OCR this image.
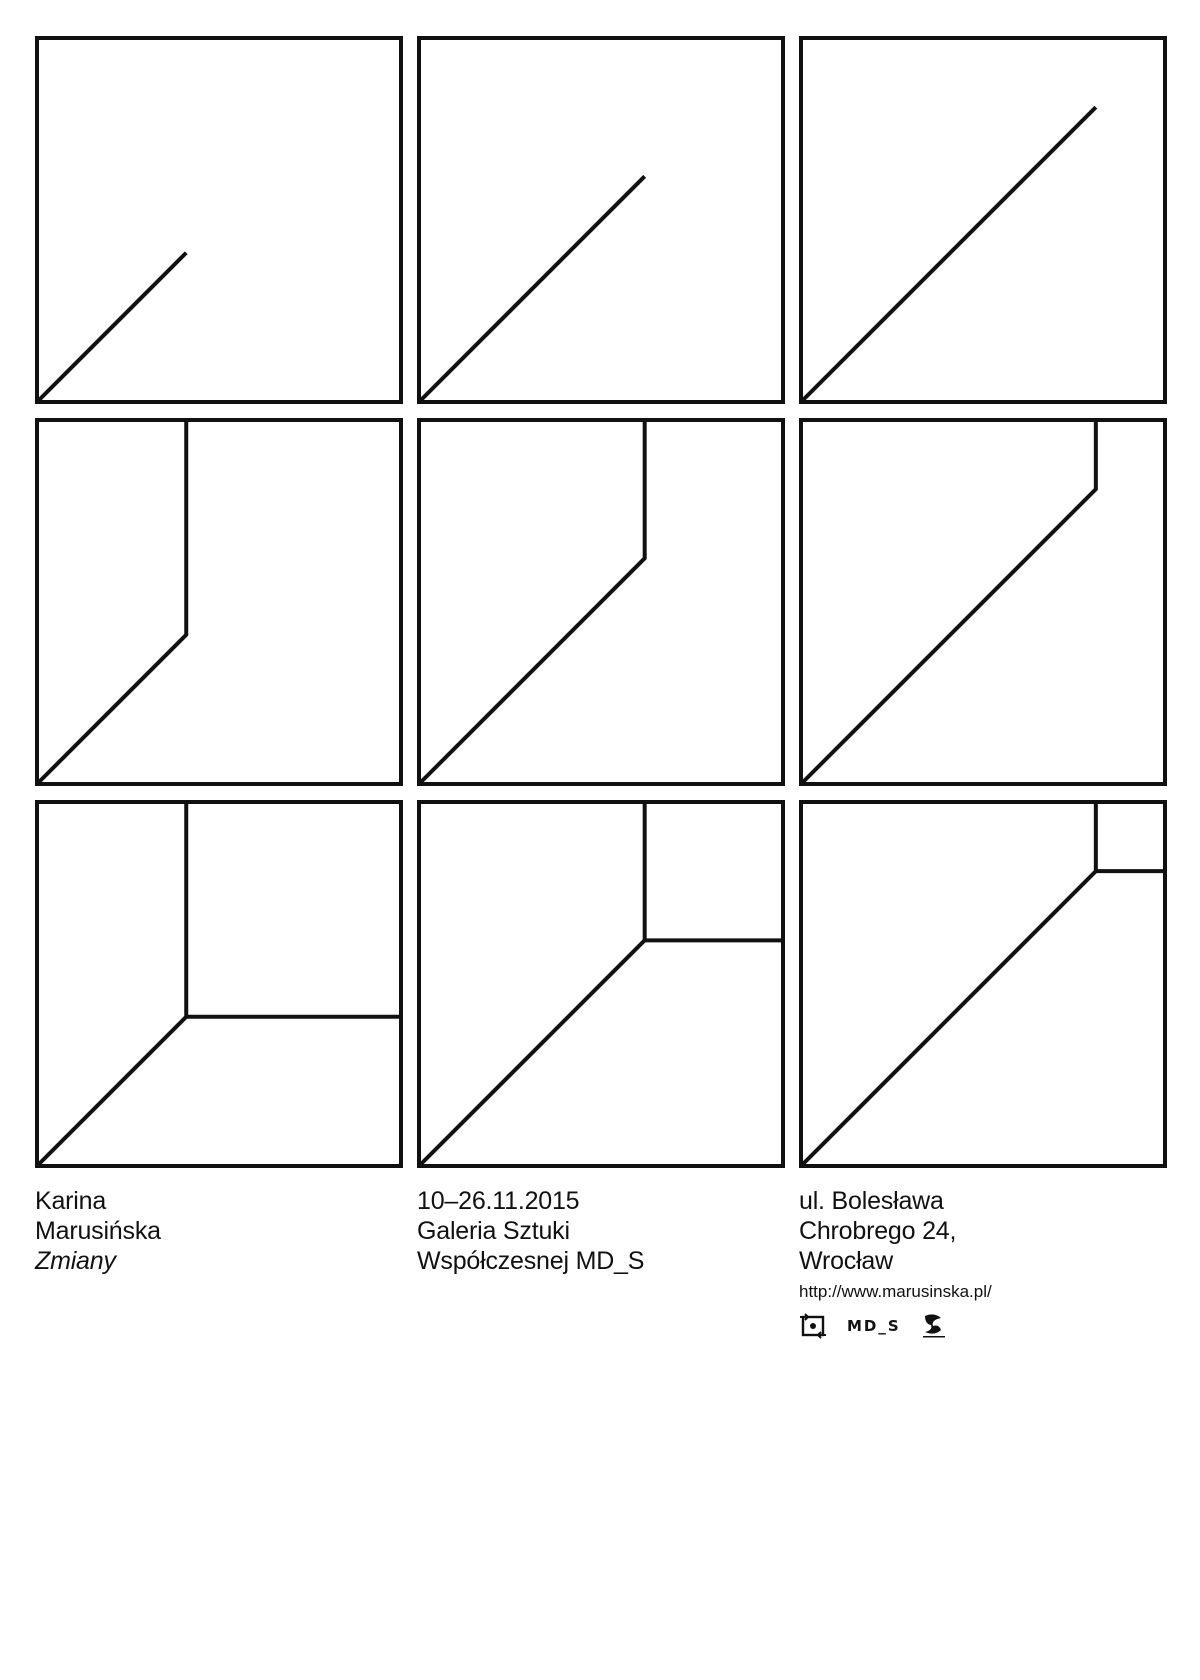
Karina
Marusińska
Zmiany
10–26.11.2015
Galeria Sztuki
Współczesnej MD_S
ul. Bolesława
Chrobrego 24,
Wrocław
http://www.marusinska.pl/
MD_S
